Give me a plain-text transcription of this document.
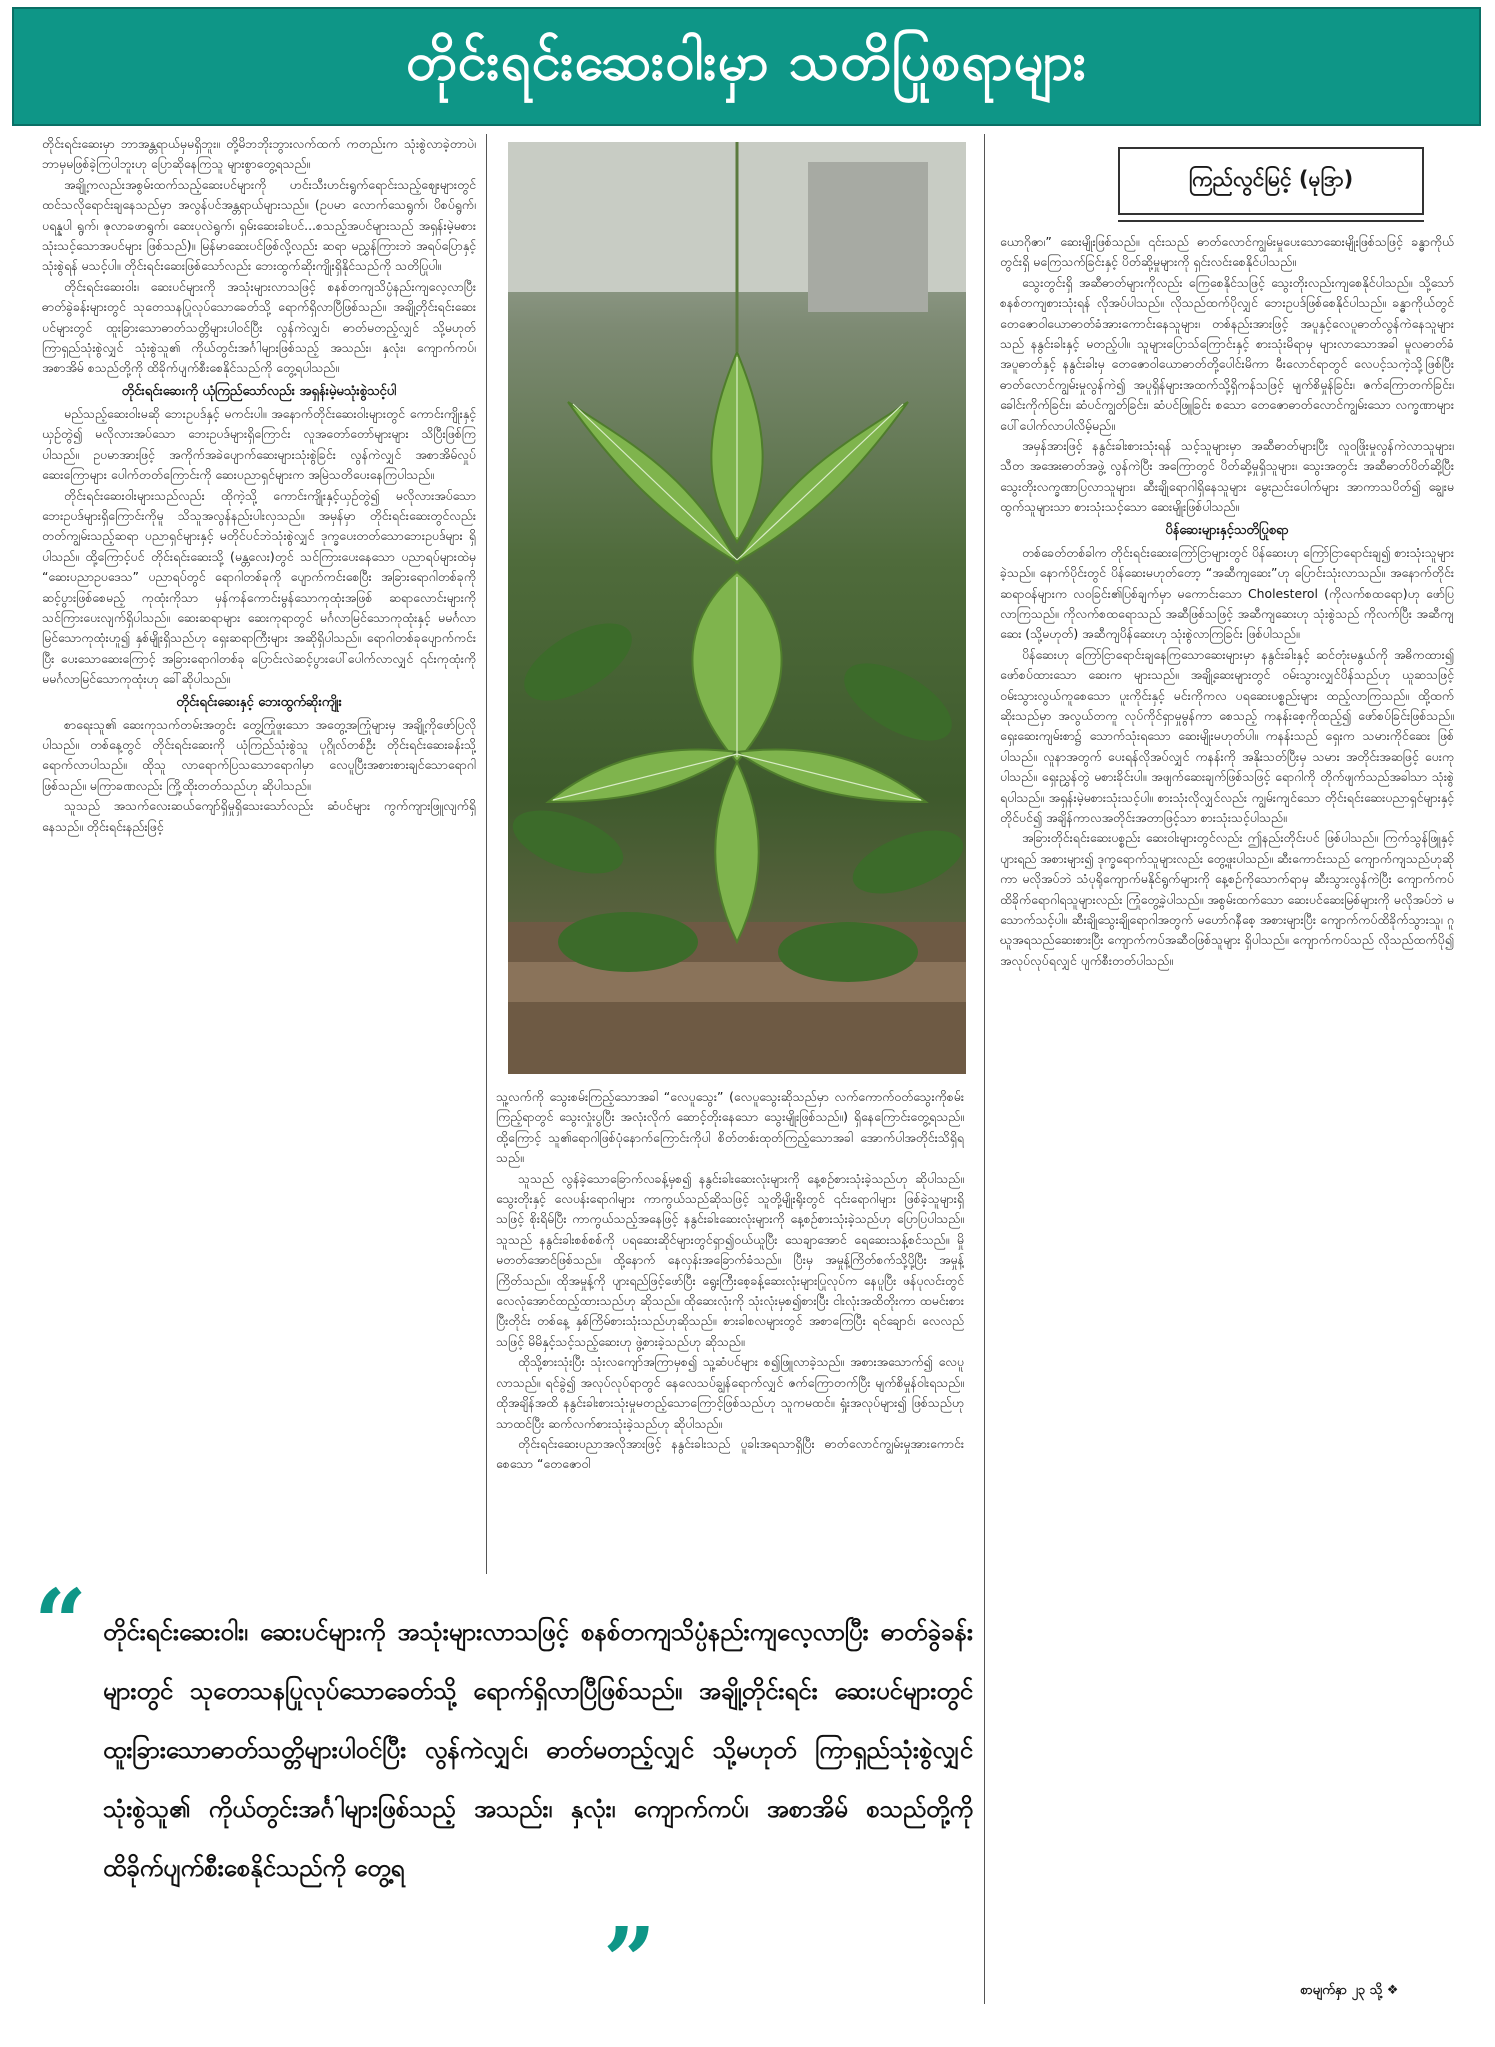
တိုင်းရင်းဆေးဝါးမှာ သတိပြုစရာများ

တိုင်းရင်းဆေးမှာ ဘာအန္တရာယ်မှမရှိဘူး။ တို့မိဘဘိုးဘွားလက်ထက် ကတည်းက သုံးစွဲလာခဲ့တာပဲ၊ ဘာမှမဖြစ်ခဲ့ကြပါဘူးဟု ပြောဆိုနေကြသူ များစွာတွေ့ရသည်။

အချို့ကလည်းအစွမ်းထက်သည့်ဆေးပင်များကို ဟင်းသီးဟင်းရွက်ရောင်းသည့်ဈေးများတွင် ထင်သလိုရောင်းချနေသည်မှာ အလွန်ပင်အန္တရာယ်များသည်။ (ဥပမာ လောက်သေရွက်၊ ပိစပ်ရွက်၊ ပရန္နပါ ရွက်၊ ဇုလာခဖာရွက်၊ ဆေးပုလဲရွက်၊ ရှမ်းဆေးခါးပင်...စသည့်အပင်များသည် အရှန်းမဲ့မစားသုံးသင့်သောအပင်များ ဖြစ်သည်)။ မြန်မာဆေးပင်ဖြစ်လို့လည်း ဆရာ မညွှန်ကြားဘဲ အရပ်ပြောနှင့် သုံးစွဲရန် မသင့်ပါ။ တိုင်းရင်းဆေးဖြစ်သော်လည်း ဘေးထွက်ဆိုးကျိုးရှိနိုင်သည်ကို သတိပြုပါ။

တိုင်းရင်းဆေးဝါး၊ ဆေးပင်များကို အသုံးများလာသဖြင့် စနစ်တကျသိပ္ပံနည်းကျလေ့လာပြီး ဓာတ်ခွဲခန်းများတွင် သုတေသနပြုလုပ်သောခေတ်သို့ ရောက်ရှိလာပြီဖြစ်သည်။ အချို့တိုင်းရင်းဆေးပင်များတွင် ထူးခြားသောဓာတ်သတ္တိများပါဝင်ပြီး လွန်ကဲလျှင်၊ ဓာတ်မတည့်လျှင် သို့မဟုတ် ကြာရှည်သုံးစွဲလျှင် သုံးစွဲသူ၏ ကိုယ်တွင်းအင်္ဂါများဖြစ်သည့် အသည်း၊ နှလုံး၊ ကျောက်ကပ်၊ အစာအိမ် စသည်တို့ကို ထိခိုက်ပျက်စီးစေနိုင်သည်ကို တွေ့ရပါသည်။

တိုင်းရင်းဆေးကို ယုံကြည်သော်လည်း အရှန်းမဲ့မသုံးစွဲသင့်ပါ

မည်သည့်ဆေးဝါးမဆို ဘေးဥပဒ်နှင့် မကင်းပါ။ အနောက်တိုင်းဆေးဝါးများတွင် ကောင်းကျိုးနှင့်ယှဉ်တွဲ၍ မလိုလားအပ်သော ဘေးဥပဒ်များရှိကြောင်း လူအတော်တော်များများ သိပြီးဖြစ်ကြပါသည်။ ဥပမာအားဖြင့် အကိုက်အခဲပျောက်ဆေးများသုံးစွဲခြင်း လွန်ကဲလျှင် အစာအိမ်လှုပ်ဆေးကြောများ ပေါက်တတ်ကြောင်းကို ဆေးပညာရှင်များက အမြဲသတိပေးနေကြပါသည်။

တိုင်းရင်းဆေးဝါးများသည်လည်း ထိုကဲ့သို့ ကောင်းကျိုးနှင့်ယှဉ်တွဲ၍ မလိုလားအပ်သောဘေးဥပဒ်များရှိကြောင်းကိုမူ သိသူအလွန်နည်းပါးလှသည်။ အမှန်မှာ တိုင်းရင်းဆေးတွင်လည်း တတ်ကျွမ်းသည့်ဆရာ ပညာရှင်များနှင့် မတိုင်ပင်ဘဲသုံးစွဲလျှင် ဒုက္ခပေးတတ်သောဘေးဥပဒ်များ ရှိပါသည်။ ထို့ကြောင့်ပင် တိုင်းရင်းဆေးသို့ (မန္တလေး)တွင် သင်ကြားပေးနေသော ပညာရပ်များထဲမှ “ဆေးပညာဥပဒေသ” ပညာရပ်တွင် ရောဂါတစ်ခုကို ပျောက်ကင်းစေပြီး အခြားရောဂါတစ်ခုကို ဆင့်ပွားဖြစ်စေမည့် ကုထုံးကိုသာ မှန်ကန်ကောင်းမွန်သောကုထုံးအဖြစ် ဆရာလောင်းများကို သင်ကြားပေးလျက်ရှိပါသည်။ ဆေးဆရာများ ဆေးကုရာတွင် မင်္ဂလာမြင်သောကုထုံးနှင့် မမင်္ဂလာမြင်သောကုထုံးဟူ၍ နှစ်မျိုးရှိသည်ဟု ရှေးဆရာကြီးများ အဆိုရှိပါသည်။ ရောဂါတစ်ခုပျောက်ကင်းပြီး ပေးသောဆေးကြောင့် အခြားရောဂါတစ်ခု ပြောင်းလဲဆင့်ပွားပေါ်ပေါက်လာလျှင် ၎င်းကုထုံးကို မမင်္ဂလာမြင်သောကုထုံးဟု ခေါ်ဆိုပါသည်။

တိုင်းရင်းဆေးနှင့် ဘေးထွက်ဆိုးကျိုး

စာရေးသူ၏ ဆေးကုသက်တမ်းအတွင်း တွေ့ကြုံဖူးသော အတွေ့အကြုံများမှ အချို့ကိုဖော်ပြလိုပါသည်။ တစ်နေ့တွင် တိုင်းရင်းဆေးကို ယုံကြည်သုံးစွဲသူ ပုဂ္ဂိုလ်တစ်ဦး တိုင်းရင်းဆေးခန်းသို့ ရောက်လာပါသည်။ ထိုသူ လာရောက်ပြသသောရောဂါမှာ လေပူပြီးအစားစားချင်သောရောဂါဖြစ်သည်။ မကြာခဏလည်း ကြို့ထိုးတတ်သည်ဟု ဆိုပါသည်။

သူသည် အသက်လေးဆယ်ကျော်ရှိမှုရှိသေးသော်လည်း ဆံပင်များ ကွက်ကျားဖြူလျက်ရှိနေသည်။ တိုင်းရင်းနည်းဖြင့်

ကြည်လွင်မြင့် (မုဒြာ)

သူ့လက်ကို သွေးစမ်းကြည့်သောအခါ “လေပူသွေး” (လေပူသွေးဆိုသည်မှာ လက်ကောက်ဝတ်သွေးကိုစမ်းကြည့်ရာတွင် သွေးလှုံးပွပြီး အလုံးလိုက် ဆောင့်တိုးနေသော သွေးမျိုးဖြစ်သည်။) ရှိနေကြောင်းတွေ့ရသည်။ ထို့ကြောင့် သူ၏ရောဂါဖြစ်ပုံနောက်ကြောင်းကိုပါ စိတ်တစ်းထုတ်ကြည့်သောအခါ အောက်ပါအတိုင်းသိရှိရသည်။

သူသည် လွန်ခဲ့သောခြောက်လခန့်မှစ၍ နနွင်းခါးဆေးလုံးများကို နေ့စဉ်စားသုံးခဲ့သည်ဟု ဆိုပါသည်။ သွေးတိုးနှင့် လေပန်းရောဂါများ ကာကွယ်သည်ဆိုသဖြင့် သူတို့မျိုးရိုးတွင် ၎င်းရောဂါများ ဖြစ်ခဲ့သူများရှိသဖြင့် စိုးရိမ်ပြီး ကာကွယ်သည့်အနေဖြင့် နနွင်းခါးဆေးလုံးများကို နေ့စဉ်စားသုံးခဲ့သည်ဟု ပြောပြပါသည်။ သူသည် နနွင်းခါးစစ်စစ်ကို ပရဆေးဆိုင်များတွင်ရှာ၍ဝယ်ယူပြီး သေချာအောင် ရေဆေးသန့်စင်သည်။ မှိုမတတ်အောင်ဖြစ်သည်။ ထို့နောက် နေလှန်းအခြောက်ခံသည်။ ပြီးမှ အမှုန့်ကြိတ်စက်သို့ပို့ပြီး အမှုန့်ကြိတ်သည်။ ထိုအမှုန့်ကို ပျားရည်ဖြင့်ဖော်ပြီး ရွေးကြီးစေ့ခန့်ဆေးလုံးများပြုလုပ်က နေပူပြီး ဖန်ပုလင်းတွင် လေလုံအောင်ထည့်ထားသည်ဟု ဆိုသည်။ ထိုဆေးလုံးကို သုံးလုံးမှစ၍စားပြီး ငါးလုံးအထိတိုးကာ ထမင်းစားပြီးတိုင်း တစ်နေ့ နှစ်ကြိမ်စားသုံးသည်ဟုဆိုသည်။ စားခါစလများတွင် အစာကြေပြီး ရင်ချောင်၊ လေလည်သဖြင့် မိမိနှင့်သင့်သည့်ဆေးဟု ဖွဲ့စားခဲ့သည်ဟု ဆိုသည်။

ထိုသို့စားသုံးပြီး သုံးလကျော်အကြာမှစ၍ သူ့ဆံပင်များ စ၍ဖြူလာခဲ့သည်။ အစားအသောက်၍ လေပူလာသည်။ ရင်ခွဲ၍ အလုပ်လုပ်ရာတွင် နေလေသပ်ချွန်ရောက်လျှင် ဇက်ကြောတက်ပြီး မျက်စိမှုန်ဝါးရသည်။ ထိုအချိန်အထိ နနွင်းခါးစားသုံးမှုမတည့်သောကြောင့်ဖြစ်သည်ဟု သူကမထင်။ ရှုံးအလုပ်များ၍ ဖြစ်သည်ဟုသာထင်ပြီး ဆက်လက်စားသုံးခဲ့သည်ဟု ဆိုပါသည်။

တိုင်းရင်းဆေးပညာအလိုအားဖြင့် နနွင်းခါးသည် ပူခါးအရသာရှိပြီး ဓာတ်လောင်ကျွမ်းမှုအားကောင်းစေသော “တေဇောဝါ

ယောဂိုဇာ၊” ဆေးမျိုးဖြစ်သည်။ ၎င်းသည် ဓာတ်လောင်ကျွမ်းမှုပေးသောဆေးမျိုးဖြစ်သဖြင့် ခန္ဓာကိုယ်တွင်းရှိ မကြေသက်ခြင်းနှင့် ပိတ်ဆို့မှုများကို ရှင်းလင်းစေနိုင်ပါသည်။

သွေးတွင်းရှိ အဆီဓာတ်များကိုလည်း ကြေစေနိုင်သဖြင့် သွေးတိုးလည်းကျစေနိုင်ပါသည်။ သို့သော် စနစ်တကျစားသုံးရန် လိုအပ်ပါသည်။ လိုသည်ထက်ပိုလျှင် ဘေးဥပဒ်ဖြစ်စေနိုင်ပါသည်။ ခန္ဓာကိုယ်တွင် တေဇောဝါယောဓာတ်ခံအားကောင်းနေသူများ၊ တစ်နည်းအားဖြင့် အပူနှင့်လေပူဓာတ်လွန်ကဲနေသူများသည် နနွင်းခါးနှင့် မတည့်ပါ။ သူများပြောသ်ကြောင်းနှင့် စားသုံးမိရာမှ များလာသောအခါ မူလဓာတ်ခံ အပူဓာတ်နှင့် နနွင်းခါးမှ တေဇောဝါယောဓာတ်တို့ပေါင်းမိကာ မီးလောင်ရာတွင် လေပင့်သကဲ့သို့ဖြစ်ပြီး ဓာတ်လောင်ကျွမ်းမှုလွန်ကဲ၍ အပူရှိန်များအထက်သို့ရှိကန်သဖြင့် မျက်စိမှုန်ခြင်း၊ ဇက်ကြောတက်ခြင်း၊ ခေါင်းကိုက်ခြင်း၊ ဆံပင်ကျွတ်ခြင်း၊ ဆံပင်ဖြူခြင်း စသော တေဇောဓာတ်လောင်ကျွမ်းသော လက္ခဏာများ ပေါ်ပေါက်လာပါလိမ့်မည်။

အမှန်အားဖြင့် နနွင်းခါးစားသုံးရန် သင့်သူများမှာ အဆီဓာတ်များပြီး လူဝဖြိုးမှုလွန်ကဲလာသူများ၊ သီတ အအေးဓာတ်အဖွဲ့ လွန်ကဲပြီး အကြောတွင် ပိတ်ဆို့မှုရှိသူများ၊ သွေးအတွင်း အဆီဓာတ်ပိတ်ဆို့ပြီး သွေးတိုးလက္ခဏာပြလာသူများ၊ ဆီးချိုရောဂါရှိနေသူများ မွေးညင်းပေါက်များ အာကာသပိတ်၍ ချွေးမထွက်သူများသာ စားသုံးသင့်သော ဆေးမျိုးဖြစ်ပါသည်။

ပိန်ဆေးများနှင့်သတိပြုစရာ

တစ်ခေတ်တစ်ခါက တိုင်းရင်းဆေးကြော်ငြာများတွင် ပိန်ဆေးဟု ကြော်ငြာရောင်းချ၍ စားသုံးသူများခဲ့သည်။ နောက်ပိုင်းတွင် ပိန်ဆေးမဟုတ်တော့ “အဆီကျဆေး”ဟု ပြောင်းသုံးလာသည်။ အနောက်တိုင်း ဆရာဝန်များက လဝခြင်း၏ပြစ်ချက်မှာ မကောင်းသော Cholesterol (ကိုလက်စထရော)ဟု ဖော်ပြလာကြသည်။ ကိုလက်စထရောသည် အဆီဖြစ်သဖြင့် အဆီကျဆေးဟု သုံးစွဲသည် ကိုလက်ပြီး အဆီကျဆေး (သို့မဟုတ်) အဆီကျပိန်ဆေးဟု သုံးစွဲလာကြခြင်း ဖြစ်ပါသည်။

ပိန်ဆေးဟု ကြော်ငြာရောင်းချနေကြသောဆေးများမှာ နနွင်းခါးနှင့် ဆင်တုံးမနွယ်ကို အဓိကထား၍ ဖော်စပ်ထားသော ဆေးက များသည်။ အချို့ဆေးများတွင် ဝမ်းသွားလျှင်ပိန်သည်ဟု ယူဆသဖြင့် ဝမ်းသွားလွယ်ကူစေသော ပူးကိုင်းနှင့် မင်းကိုကလ ပရဆေးပစ္စည်းများ ထည့်လာကြသည်။ ထို့ထက်ဆိုးသည်မှာ အလွယ်တကူ လုပ်ကိုင်ရှာမှုမွန်ကာ စေသည့် ကနန်းစေ့ကိုထည့်၍ ဖော်စပ်ခြင်းဖြစ်သည်။ ရှေးဆေးကျမ်းစာ၌ သောက်သုံးရသော ဆေးမျိုးမဟုတ်ပါ။ ကနန်းသည် ရှေးက သမားကိုင်ဆေး ဖြစ်ပါသည်။ လူနာအတွက် ပေးရန်လိုအပ်လျှင် ကနန်းကို အနိုးသတ်ပြီးမှ သမား အတိုင်းအဆဖြင့် ပေးကုပါသည်။ ရှေးညွှန်တွဲ မစားခိုင်းပါ။ အဖျက်ဆေးချက်ဖြစ်သဖြင့် ရောဂါကို တိုက်ဖျက်သည်အခါသာ သုံးစွဲရပါသည်။ အရှန်းမဲ့မစားသုံးသင့်ပါ။ စားသုံးလိုလျှင်လည်း ကျွမ်းကျင်သော တိုင်းရင်းဆေးပညာရှင်များနှင့်တိုင်ပင်၍ အချိန်ကာလအတိုင်းအတာဖြင့်သာ စားသုံးသင့်ပါသည်။

အခြားတိုင်းရင်းဆေးပစ္စည်း ဆေးဝါးများတွင်လည်း ဤနည်းတိုင်းပင် ဖြစ်ပါသည်။ ကြက်သွန်ဖြူနှင့် ပျားရည် အစားများ၍ ဒုက္ခရောက်သူများလည်း တွေ့ဖူးပါသည်။ ဆီးကောင်းသည် ကျောက်ကျသည်ဟုဆိုကာ မလိုအပ်ဘဲ သံပုရိုကျောက်မနိုင်ရွက်များကို နေ့စဉ်ကိုသောက်ရာမှ ဆီးသွားလွန်ကဲပြီး ကျောက်ကပ်ထိခိုက်ရောဂါရသူများလည်း ကြုံတွေ့ခဲ့ပါသည်။ အစွမ်းထက်သော ဆေးပင်ဆေးမြစ်များကို မလိုအပ်ဘဲ မသောက်သင့်ပါ။ ဆီးချိုသွေးချိုရောဂါအတွက် မဟော်ဂနီစေ့ အစားများပြီး ကျောက်ကပ်ထိခိုက်သွားသူ၊ ဂူဃူအရသည်ဆေးစားပြီး ကျောက်ကပ်အဆီဝဖြစ်သူများ ရှိပါသည်။ ကျောက်ကပ်သည် လိုသည်ထက်ပို၍ အလုပ်လုပ်ရလျှင် ပျက်စီးတတ်ပါသည်။

“ တိုင်းရင်းဆေးဝါး၊ ဆေးပင်များကို အသုံးများလာသဖြင့် စနစ်တကျသိပ္ပံနည်းကျလေ့လာပြီး ဓာတ်ခွဲခန်းများတွင် သုတေသနပြုလုပ်သောခေတ်သို့ ရောက်ရှိလာပြီဖြစ်သည်။ အချို့တိုင်းရင်း ဆေးပင်များတွင် ထူးခြားသောဓာတ်သတ္တိများပါဝင်ပြီး လွန်ကဲလျှင်၊ ဓာတ်မတည့်လျှင် သို့မဟုတ် ကြာရှည်သုံးစွဲလျှင် သုံးစွဲသူ၏ ကိုယ်တွင်းအင်္ဂါများဖြစ်သည့် အသည်း၊ နှလုံး၊ ကျောက်ကပ်၊ အစာအိမ် စသည်တို့ကို ထိခိုက်ပျက်စီးစေနိုင်သည်ကို တွေ့ရ
”	စာမျက်နှာ ၂၃ သို့ ❖
